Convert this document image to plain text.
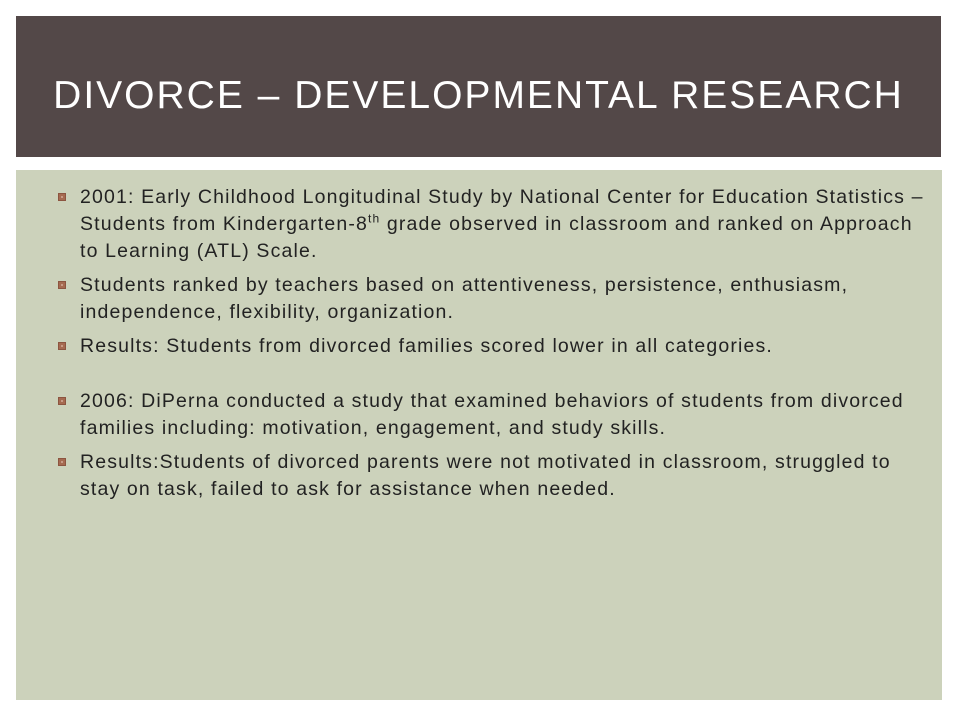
DIVORCE – DEVELOPMENTAL RESEARCH
2001: Early Childhood Longitudinal Study by National Center for Education Statistics – Students from Kindergarten-8th grade observed in classroom and ranked on Approach to Learning (ATL) Scale.
Students ranked by teachers based on attentiveness, persistence, enthusiasm, independence, flexibility, organization.
Results: Students from divorced families scored lower in all categories.
2006: DiPerna conducted a study that examined behaviors of students from divorced families including: motivation, engagement, and study skills.
Results:Students of divorced parents were not motivated in classroom, struggled to stay on task, failed to ask for assistance when needed.
